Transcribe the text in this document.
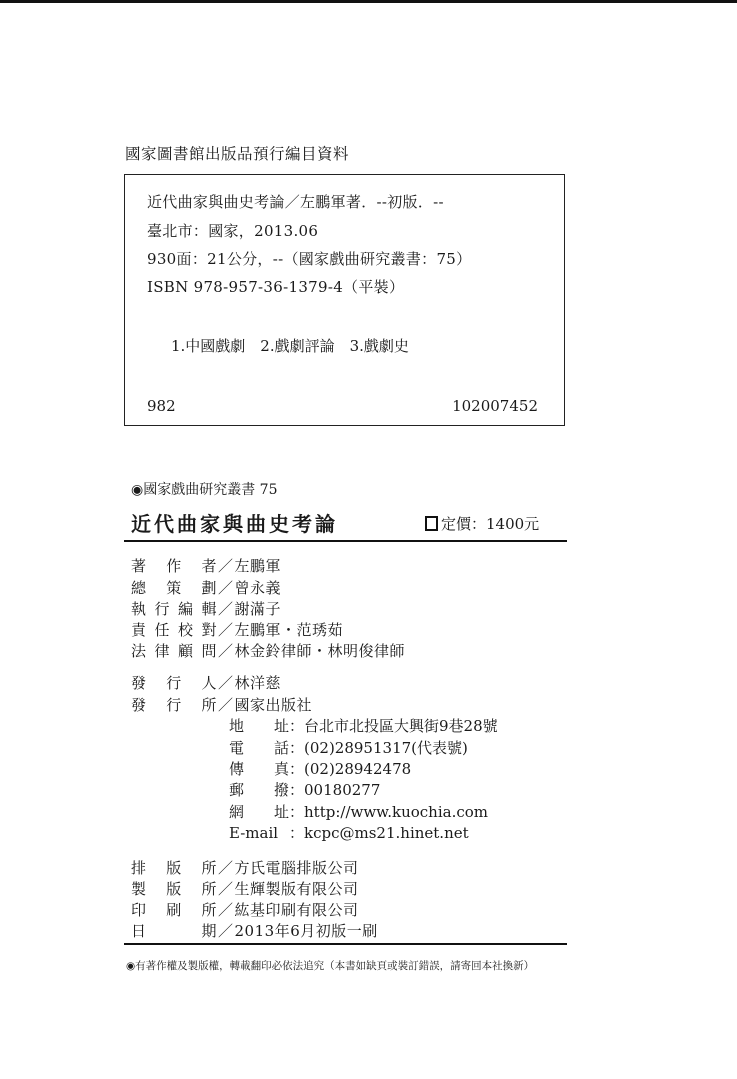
國家圖書館出版品預行編目資料
近代曲家與曲史考論／左鵬軍著．--初版．--
臺北市：國家，2013.06
930面：21公分，--（國家戲曲研究叢書：75）
ISBN 978-957-36-1379-4（平裝）
1.中國戲劇　2.戲劇評論　3.戲劇史
982	102007452
◉國家戲曲研究叢書 75
近代曲家與曲史考論	定價：1400元
著作者／左鵬軍
總策劃／曾永義
執行編輯／謝滿子
責任校對／左鵬軍・范琇茹
法律顧問／林金鈴律師・林明俊律師
發行人／林洋慈
發行所／國家出版社
地址：台北市北投區大興街9巷28號
電話：(02)28951317(代表號)
傳真：(02)28942478
郵撥：00180277
網址：http://www.kuochia.com
E-mail ：kcpc@ms21.hinet.net
排版所／方氏電腦排版公司
製版所／生輝製版有限公司
印刷所／紘基印刷有限公司
日期／2013年6月初版一刷
◉有著作權及製版權，轉載翻印必依法追究（本書如缺頁或裝訂錯誤，請寄回本社換新）
